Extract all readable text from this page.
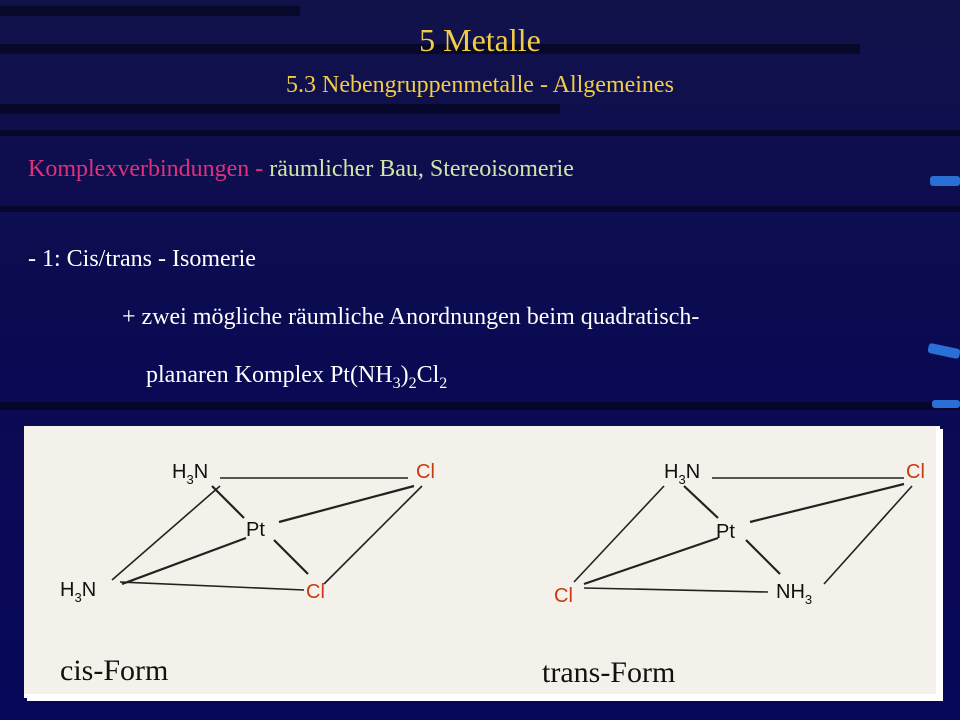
5 Metalle
5.3 Nebengruppenmetalle - Allgemeines
Komplexverbindungen - räumlicher Bau, Stereoisomerie
- 1: Cis/trans - Isomerie
+ zwei mögliche räumliche Anordnungen beim quadratisch-
planaren Komplex $Pt(NH_3)_2Cl_2$
$H_3N$	Cl
Pt
$H_3N$	Cl
$H_3N$	Cl
Pt
Cl	$NH_3$
cis-Form	trans-Form
